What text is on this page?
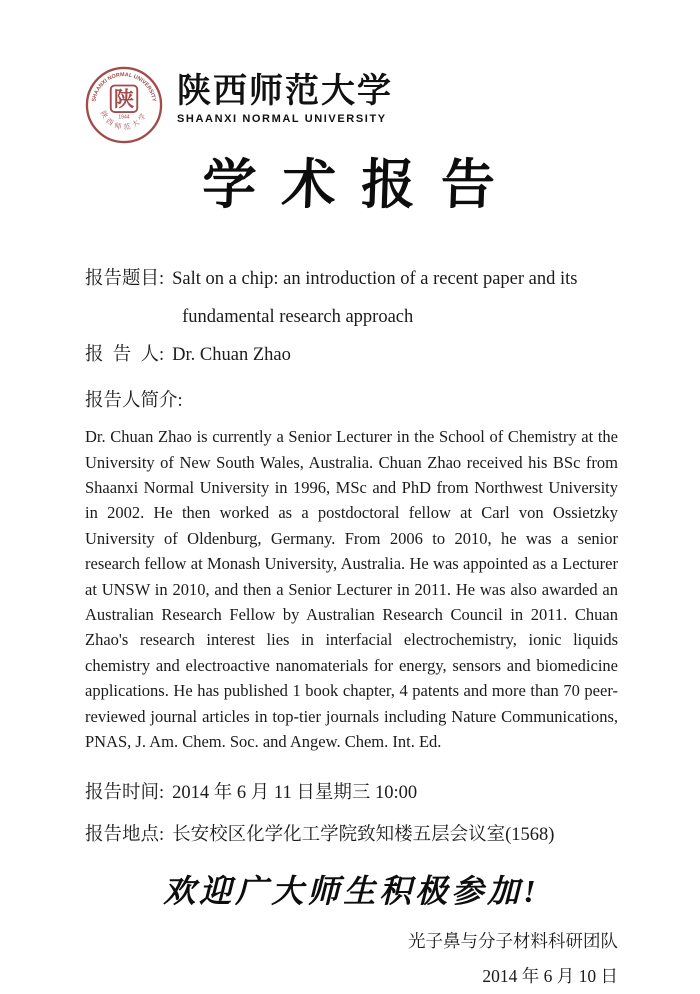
SHAANXI NORMAL UNIVERSITY
陕
1944
陕西师范大学
陕西师范大学
SHAANXI NORMAL UNIVERSITY
学 术 报 告
报告题目: Salt on a chip: an introduction of a recent paper and its
fundamental research approach
报 告 人: Dr. Chuan Zhao
报告人简介:
Dr. Chuan Zhao is currently a Senior Lecturer in the School of Chemistry at the University of New South Wales, Australia. Chuan Zhao received his BSc from Shaanxi Normal University in 1996, MSc and PhD from Northwest University in 2002. He then worked as a postdoctoral fellow at Carl von Ossietzky University of Oldenburg, Germany. From 2006 to 2010, he was a senior research fellow at Monash University, Australia. He was appointed as a Lecturer at UNSW in 2010, and then a Senior Lecturer in 2011. He was also awarded an Australian Research Fellow by Australian Research Council in 2011. Chuan Zhao's research interest lies in interfacial electrochemistry, ionic liquids chemistry and electroactive nanomaterials for energy, sensors and biomedicine applications. He has published 1 book chapter, 4 patents and more than 70 peer-reviewed journal articles in top-tier journals including Nature Communications, PNAS, J. Am. Chem. Soc. and Angew. Chem. Int. Ed.
报告时间: 2014 年 6 月 11 日星期三 10:00
报告地点: 长安校区化学化工学院致知楼五层会议室(1568)
欢迎广大师生积极参加!
光子鼻与分子材料科研团队
2014 年 6 月 10 日
